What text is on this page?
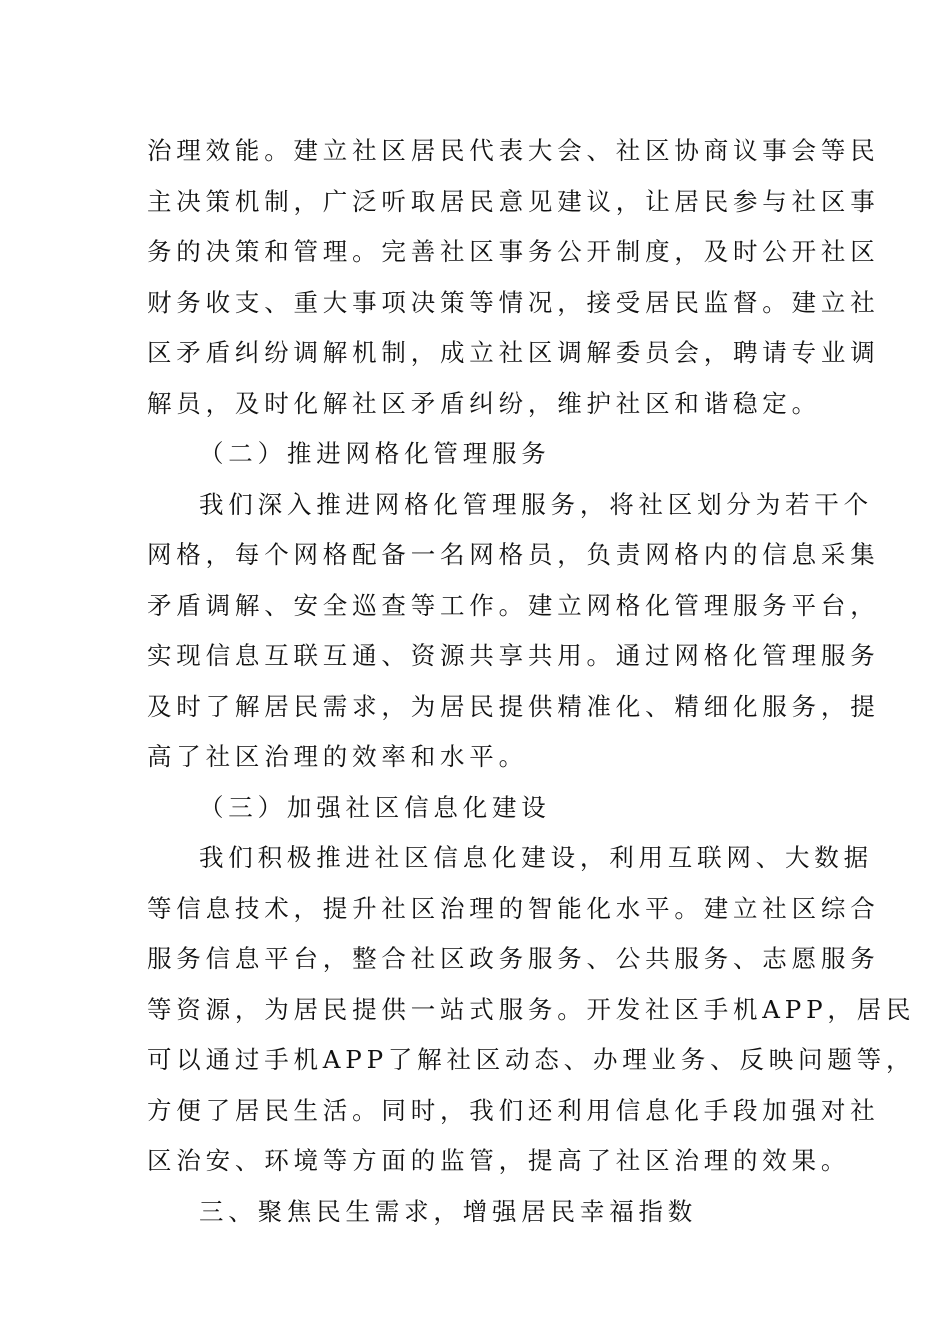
治理效能。建立社区居民代表大会、社区协商议事会等民
主决策机制，广泛听取居民意见建议，让居民参与社区事
务的决策和管理。完善社区事务公开制度，及时公开社区
财务收支、重大事项决策等情况，接受居民监督。建立社
区矛盾纠纷调解机制，成立社区调解委员会，聘请专业调
解员，及时化解社区矛盾纠纷，维护社区和谐稳定。
（二）推进网格化管理服务
我们深入推进网格化管理服务，将社区划分为若干个
网格，每个网格配备一名网格员，负责网格内的信息采集
矛盾调解、安全巡查等工作。建立网格化管理服务平台，
实现信息互联互通、资源共享共用。通过网格化管理服务
及时了解居民需求，为居民提供精准化、精细化服务，提
高了社区治理的效率和水平。
（三）加强社区信息化建设
我们积极推进社区信息化建设，利用互联网、大数据
等信息技术，提升社区治理的智能化水平。建立社区综合
服务信息平台，整合社区政务服务、公共服务、志愿服务
等资源，为居民提供一站式服务。开发社区手机APP，居民
可以通过手机APP了解社区动态、办理业务、反映问题等，
方便了居民生活。同时，我们还利用信息化手段加强对社
区治安、环境等方面的监管，提高了社区治理的效果。
三、聚焦民生需求，增强居民幸福指数
